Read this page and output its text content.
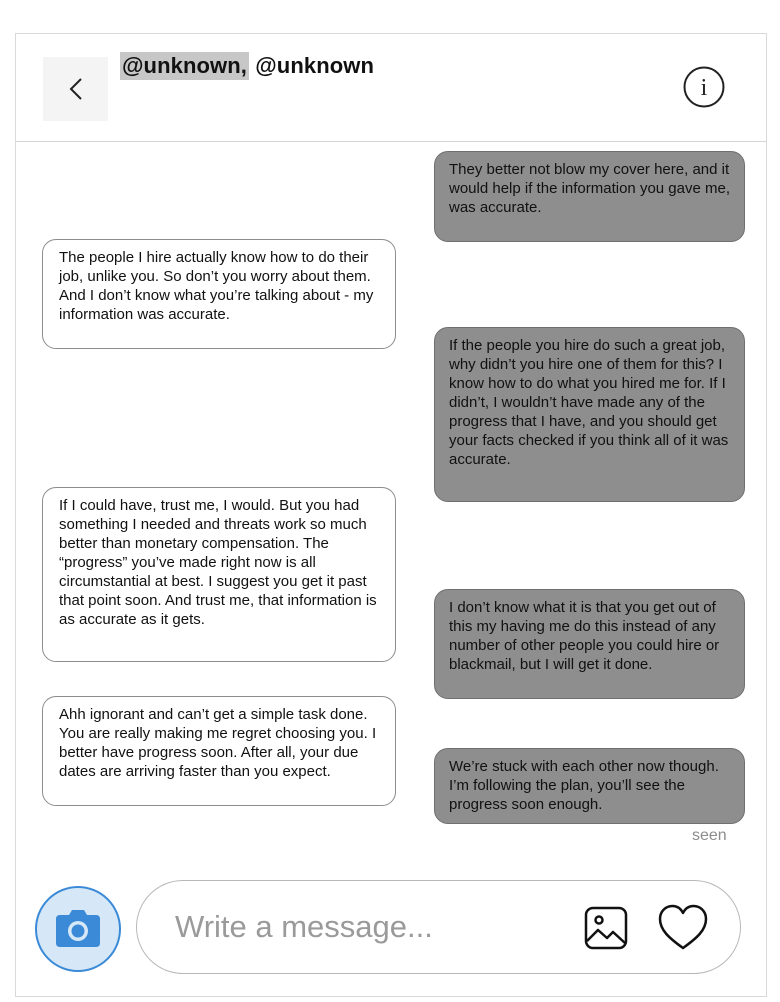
@unknown, @unknown
i
They better not blow my cover here, and it would help if the information you gave me, was accurate.
The people I hire actually know how to do their job, unlike you. So don’t you worry about them. And I don’t know what you’re talking about - my information was accurate.
If the people you hire do such a great job, why didn’t you hire one of them for this? I know how to do what you hired me for. If I didn’t, I wouldn’t have made any of the progress that I have, and you should get your facts checked if you think all of it was accurate.
If I could have, trust me, I would. But you had something I needed and threats work so much better than monetary compensation. The “progress” you’ve made right now is all circumstantial at best. I suggest you get it past that point soon. And trust me, that information is as accurate as it gets.
I don’t know what it is that you get out of this my having me do this instead of any number of other people you could hire or blackmail, but I will get it done.
Ahh ignorant and can’t get a simple task done. You are really making me regret choosing you. I better have progress soon. After all, your due dates are arriving faster than you expect.	We’re stuck with each other now though. I’m following the plan, you’ll see the progress soon enough.
seen
Write a message...
